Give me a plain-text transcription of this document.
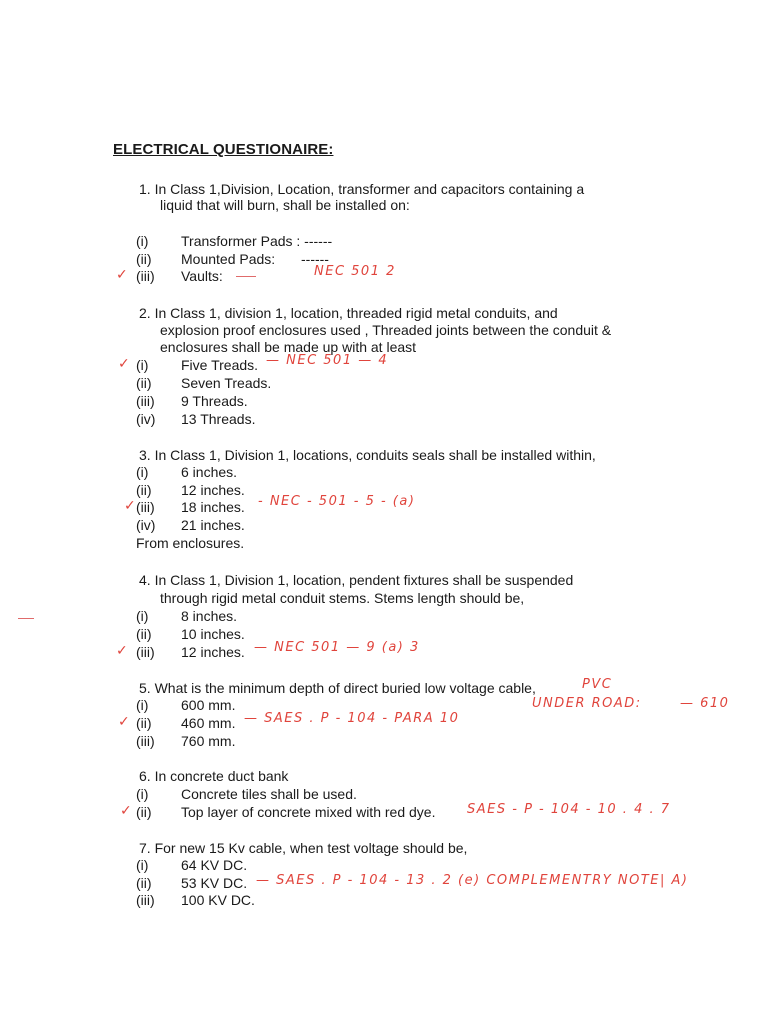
ELECTRICAL QUESTIONAIRE:
1. In Class 1,Division, Location, transformer and capacitors containing a
liquid that will burn, shall be installed on:
(i) Transformer Pads : ------
(ii) Mounted Pads: ------
✓ (iii) Vaults:	NEC 501 2
2. In Class 1, division 1, location, threaded rigid metal conduits, and
explosion proof enclosures used , Threaded joints between the conduit &
enclosures shall be made up with at least
✓ (i) Five Treads. — NEC 501 — 4
(ii) Seven Treads.
(iii) 9 Threads.
(iv) 13 Threads.
3. In Class 1, Division 1, locations, conduits seals shall be installed within,
(i) 6 inches.
(ii) 12 inches.
✓ (iii) 18 inches. - NEC - 501 - 5 - (a)
(iv) 21 inches.
From enclosures.
4. In Class 1, Division 1, location, pendent fixtures shall be suspended
through rigid metal conduit stems. Stems length should be,
(i) 8 inches.
(ii) 10 inches.
✓ (iii) 12 inches. — NEC 501 — 9 (a) 3
5. What is the minimum depth of direct buried low voltage cable,	PVC
(i) 600 mm.	UNDER ROAD:	— 610
✓ (ii) 460 mm. — SAES . P - 104 - PARA 10
(iii) 760 mm.
6. In concrete duct bank
(i) Concrete tiles shall be used.
✓ (ii) Top layer of concrete mixed with red dye. SAES - P - 104 - 10 . 4 . 7
7. For new 15 Kv cable, when test voltage should be,
(i) 64 KV DC.
(ii) 53 KV DC. — SAES . P - 104 - 13 . 2 (e) COMPLEMENTRY NOTE| A)
(iii) 100 KV DC.
